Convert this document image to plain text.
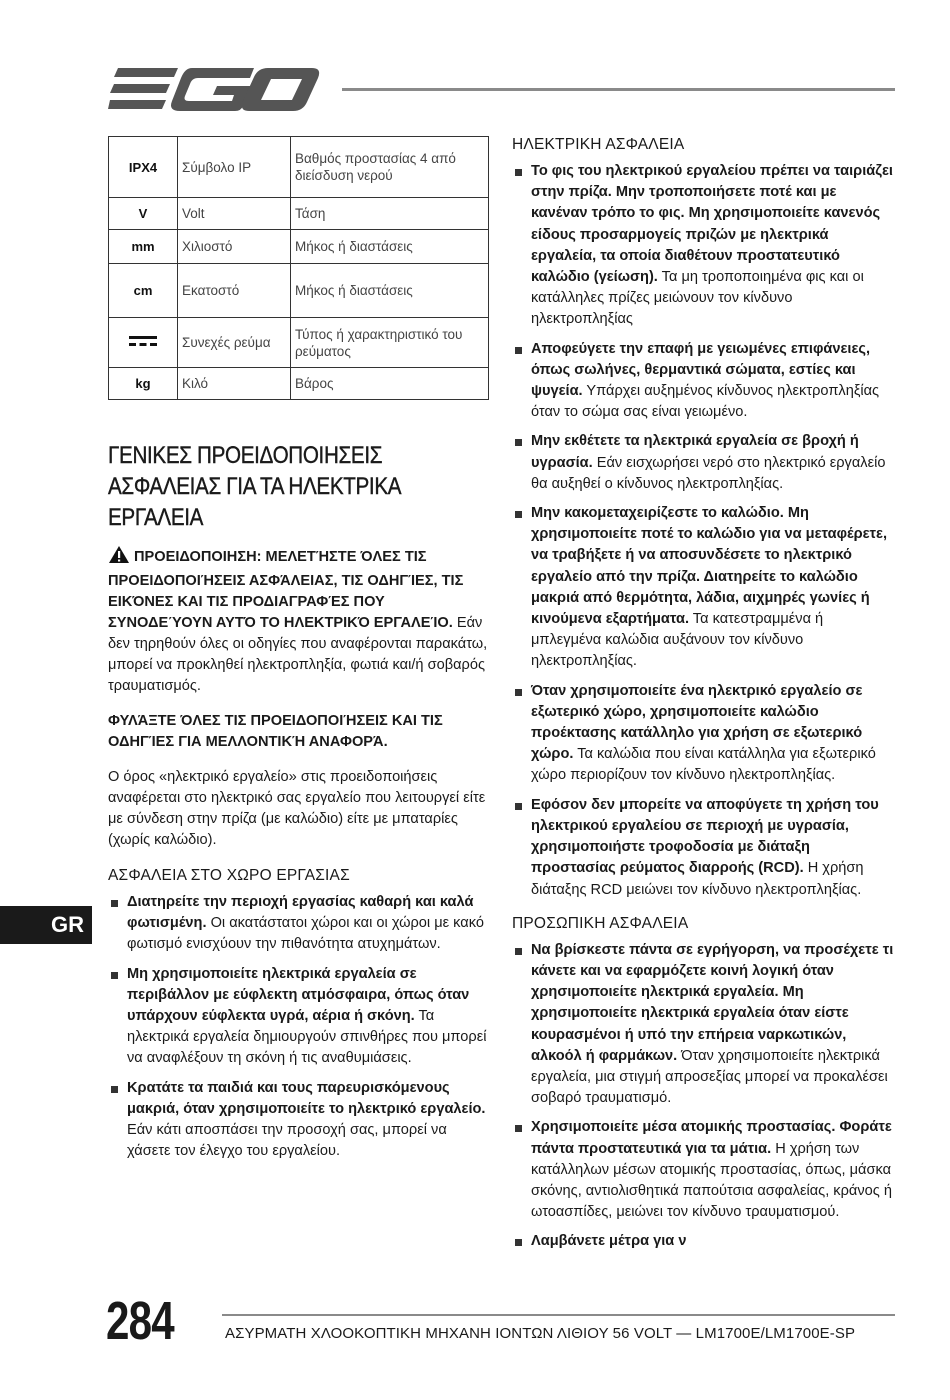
IPX4	Σύμβολο IP	Βαθμός προστασίας 4 από διείσδυση νερού
V	Volt	Τάση
mm	Χιλιοστό	Μήκος ή διαστάσεις
cm	Εκατοστό	Μήκος ή διαστάσεις
	Συνεχές ρεύμα	Τύπος ή χαρακτηριστικό του ρεύματος
kg	Κιλό	Βάρος
ΓΕΝΙΚΕΣ ΠΡΟΕΙΔΟΠΟΙΗΣΕΙΣ ΑΣΦΑΛΕΙΑΣ ΓΙΑ ΤΑ ΗΛΕΚΤΡΙΚΑ ΕΡΓΑΛΕΙΑ

ΠΡΟΕΙΔΟΠΟΙΗΣΗ: ΜΕΛΕΤΉΣΤΕ ΌΛΕΣ ΤΙΣ ΠΡΟΕΙΔΟΠΟΙΉΣΕΙΣ ΑΣΦΆΛΕΙΑΣ, ΤΙΣ ΟΔΗΓΊΕΣ, ΤΙΣ ΕΙΚΌΝΕΣ ΚΑΙ ΤΙΣ ΠΡΟΔΙΑΓΡΑΦΈΣ ΠΟΥ ΣΥΝΟΔΕΎΟΥΝ ΑΥΤΌ ΤΟ ΗΛΕΚΤΡΙΚΌ ΕΡΓΑΛΕΊΟ. Εάν δεν τηρηθούν όλες οι οδηγίες που αναφέρονται παρακάτω, μπορεί να προκληθεί ηλεκτροπληξία, φωτιά και/ή σοβαρός τραυματισμός.

ΦΥΛΆΞΤΕ ΌΛΕΣ ΤΙΣ ΠΡΟΕΙΔΟΠΟΙΉΣΕΙΣ ΚΑΙ ΤΙΣ ΟΔΗΓΊΕΣ ΓΙΑ ΜΕΛΛΟΝΤΙΚΉ ΑΝΑΦΟΡΆ.

Ο όρος «ηλεκτρικό εργαλείο» στις προειδοποιήσεις αναφέρεται στο ηλεκτρικό σας εργαλείο που λειτουργεί είτε με σύνδεση στην πρίζα (με καλώδιο) είτε με μπαταρίες (χωρίς καλώδιο).

ΑΣΦΑΛΕΙΑ ΣΤΟ ΧΩΡΟ ΕΡΓΑΣΙΑΣ
Διατηρείτε την περιοχή εργασίας καθαρή και καλά φωτισμένη. Οι ακατάστατοι χώροι και οι χώροι με κακό φωτισμό ενισχύουν την πιθανότητα ατυχημάτων.
Μη χρησιμοποιείτε ηλεκτρικά εργαλεία σε περιβάλλον με εύφλεκτη ατμόσφαιρα, όπως όταν υπάρχουν εύφλεκτα υγρά, αέρια ή σκόνη. Τα ηλεκτρικά εργαλεία δημιουργούν σπινθήρες που μπορεί να αναφλέξουν τη σκόνη ή τις αναθυμιάσεις.
Κρατάτε τα παιδιά και τους παρευρισκόμενους μακριά, όταν χρησιμοποιείτε το ηλεκτρικό εργαλείο. Εάν κάτι αποσπάσει την προσοχή σας, μπορεί να χάσετε τον έλεγχο του εργαλείου.
ΗΛΕΚΤΡΙΚΗ ΑΣΦΑΛΕΙΑ
Το φις του ηλεκτρικού εργαλείου πρέπει να ταιριάζει στην πρίζα. Μην τροποποιήσετε ποτέ και με κανέναν τρόπο το φις. Μη χρησιμοποιείτε κανενός είδους προσαρμογείς πριζών με ηλεκτρικά εργαλεία, τα οποία διαθέτουν προστατευτικό καλώδιο (γείωση). Τα μη τροποποιημένα φις και οι κατάλληλες πρίζες μειώνουν τον κίνδυνο ηλεκτροπληξίας
Αποφεύγετε την επαφή με γειωμένες επιφάνειες, όπως σωλήνες, θερμαντικά σώματα, εστίες και ψυγεία. Υπάρχει αυξημένος κίνδυνος ηλεκτροπληξίας όταν το σώμα σας είναι γειωμένο.
Μην εκθέτετε τα ηλεκτρικά εργαλεία σε βροχή ή υγρασία. Εάν εισχωρήσει νερό στο ηλεκτρικό εργαλείο θα αυξηθεί ο κίνδυνος ηλεκτροπληξίας.
Μην κακομεταχειρίζεστε το καλώδιο. Μη χρησιμοποιείτε ποτέ το καλώδιο για να μεταφέρετε, να τραβήξετε ή να αποσυνδέσετε το ηλεκτρικό εργαλείο από την πρίζα. Διατηρείτε το καλώδιο μακριά από θερμότητα, λάδια, αιχμηρές γωνίες ή κινούμενα εξαρτήματα. Τα κατεστραμμένα ή μπλεγμένα καλώδια αυξάνουν τον κίνδυνο ηλεκτροπληξίας.
Όταν χρησιμοποιείτε ένα ηλεκτρικό εργαλείο σε εξωτερικό χώρο, χρησιμοποιείτε καλώδιο προέκτασης κατάλληλο για χρήση σε εξωτερικό χώρο. Τα καλώδια που είναι κατάλληλα για εξωτερικό χώρο περιορίζουν τον κίνδυνο ηλεκτροπληξίας.
Εφόσον δεν μπορείτε να αποφύγετε τη χρήση του ηλεκτρικού εργαλείου σε περιοχή με υγρασία, χρησιμοποιήστε τροφοδοσία με διάταξη προστασίας ρεύματος διαρροής (RCD). Η χρήση διάταξης RCD μειώνει τον κίνδυνο ηλεκτροπληξίας.
ΠΡΟΣΩΠΙΚΗ ΑΣΦΑΛΕΙΑ
Να βρίσκεστε πάντα σε εγρήγορση, να προσέχετε τι κάνετε και να εφαρμόζετε κοινή λογική όταν χρησιμοποιείτε ηλεκτρικά εργαλεία. Μη χρησιμοποιείτε ηλεκτρικά εργαλεία όταν είστε κουρασμένοι ή υπό την επήρεια ναρκωτικών, αλκοόλ ή φαρμάκων. Όταν χρησιμοποιείτε ηλεκτρικά εργαλεία, μια στιγμή απροσεξίας μπορεί να προκαλέσει σοβαρό τραυματισμό.
Χρησιμοποιείτε μέσα ατομικής προστασίας. Φοράτε πάντα προστατευτικά για τα μάτια. Η χρήση των κατάλληλων μέσων ατομικής προστασίας, όπως, μάσκα σκόνης, αντιολισθητικά παπούτσια ασφαλείας, κράνος ή ωτοασπίδες, μειώνει τον κίνδυνο τραυματισμού.
Λαμβάνετε μέτρα για ν
GR
284	ΑΣΥΡΜΑΤΗ ΧΛΟΟΚΟΠΤΙΚΗ ΜΗΧΑΝΗ ΙΟΝΤΩΝ ΛΙΘΙΟΥ 56 VOLT — LM1700E/LM1700E-SP
